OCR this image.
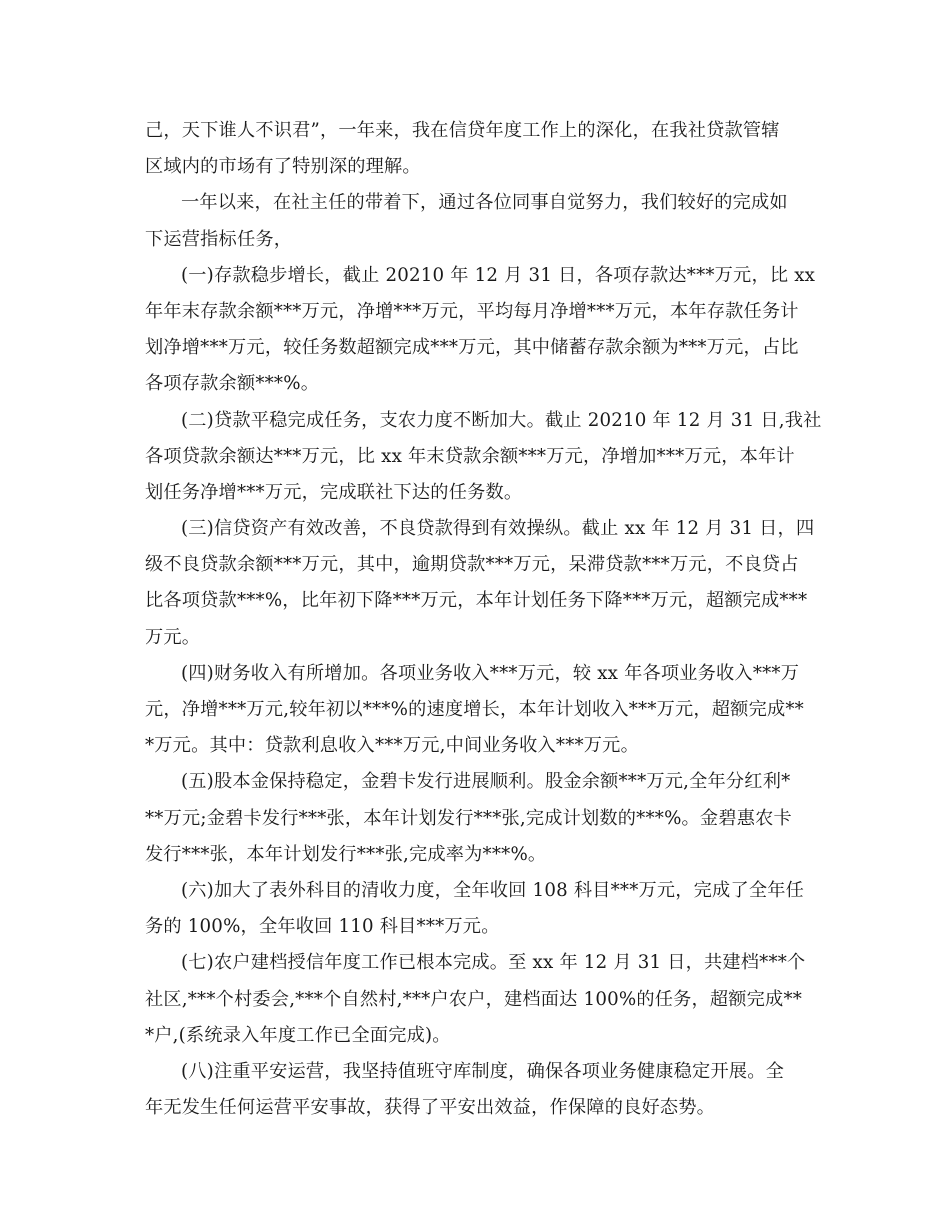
己，天下谁人不识君”，一年来，我在信贷年度工作上的深化，在我社贷款管辖
区域内的市场有了特别深的理解。
一年以来，在社主任的带着下，通过各位同事自觉努力，我们较好的完成如
下运营指标任务，
(一)存款稳步增长，截止 20210 年 12 月 31 日，各项存款达***万元，比 xx
年年末存款余额***万元，净增***万元，平均每月净增***万元，本年存款任务计
划净增***万元，较任务数超额完成***万元，其中储蓄存款余额为***万元，占比
各项存款余额***%。
(二)贷款平稳完成任务，支农力度不断加大。截止 20210 年 12 月 31 日,我社
各项贷款余额达***万元，比 xx 年末贷款余额***万元，净增加***万元，本年计
划任务净增***万元，完成联社下达的任务数。
(三)信贷资产有效改善，不良贷款得到有效操纵。截止 xx 年 12 月 31 日，四
级不良贷款余额***万元，其中，逾期贷款***万元，呆滞贷款***万元，不良贷占
比各项贷款***%，比年初下降***万元，本年计划任务下降***万元，超额完成***
万元。
(四)财务收入有所增加。各项业务收入***万元，较 xx 年各项业务收入***万
元，净增***万元,较年初以***%的速度增长，本年计划收入***万元，超额完成**
*万元。其中：贷款利息收入***万元,中间业务收入***万元。
(五)股本金保持稳定，金碧卡发行进展顺利。股金余额***万元,全年分红利*
**万元;金碧卡发行***张，本年计划发行***张,完成计划数的***%。金碧惠农卡
发行***张，本年计划发行***张,完成率为***%。
(六)加大了表外科目的清收力度，全年收回 108 科目***万元，完成了全年任
务的 100%，全年收回 110 科目***万元。
(七)农户建档授信年度工作已根本完成。至 xx 年 12 月 31 日，共建档***个
社区,***个村委会,***个自然村,***户农户，建档面达 100%的任务，超额完成**
*户,(系统录入年度工作已全面完成)。
(八)注重平安运营，我坚持值班守库制度，确保各项业务健康稳定开展。全
年无发生任何运营平安事故，获得了平安出效益，作保障的良好态势。
